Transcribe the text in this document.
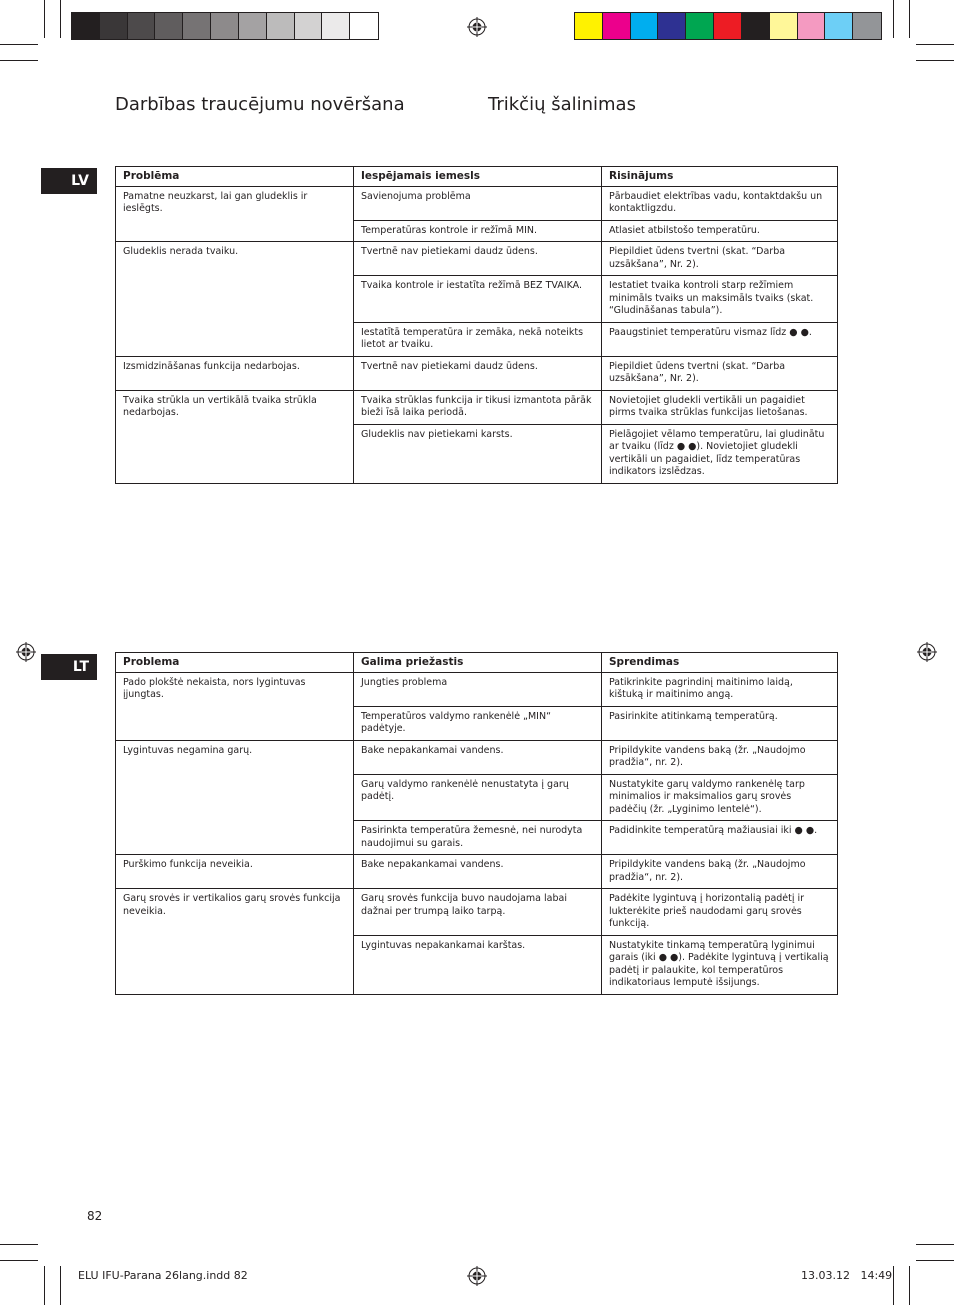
Darbības traucējumu novēršana	Trikčių šalinimas
LV	Problēma	Iespējamais iemesls	Risinājums
Pamatne neuzkarst, lai gan gludeklis ir ieslēgts.	Savienojuma problēma	Pārbaudiet elektrības vadu, kontaktdakšu un kontaktligzdu.
	Temperatūras kontrole ir režīmā MIN.	Atlasiet atbilstošo temperatūru.
Gludeklis nerada tvaiku.	Tvertnē nav pietiekami daudz ūdens.	Piepildiet ūdens tvertni (skat. “Darba uzsākšana”, Nr. 2).
	Tvaika kontrole ir iestatīta režīmā BEZ TVAIKA.	Iestatiet tvaika kontroli starp režīmiem minimāls tvaiks un maksimāls tvaiks (skat. “Gludināšanas tabula”).
	Iestatītā temperatūra ir zemāka, nekā noteikts lietot ar tvaiku.	Paaugstiniet temperatūru vismaz līdz ● ●.
Izsmidzināšanas funkcija nedarbojas.	Tvertnē nav pietiekami daudz ūdens.	Piepildiet ūdens tvertni (skat. “Darba uzsākšana”, Nr. 2).
Tvaika strūkla un vertikālā tvaika strūkla nedarbojas.	Tvaika strūklas funkcija ir tikusi izmantota pārāk bieži īsā laika periodā.	Novietojiet gludekli vertikāli un pagaidiet pirms tvaika strūklas funkcijas lietošanas.
	Gludeklis nav pietiekami karsts.	Pielāgojiet vēlamo temperatūru, lai gludinātu ar tvaiku (līdz ● ●). Novietojiet gludekli vertikāli un pagaidiet, līdz temperatūras indikators izslēdzas.
LT	Problema	Galima priežastis	Sprendimas
Pado plokštė nekaista, nors lygintuvas įjungtas.	Jungties problema	Patikrinkite pagrindinį maitinimo laidą, kištuką ir maitinimo angą.
	Temperatūros valdymo rankenėlė „MIN“ padėtyje.	Pasirinkite atitinkamą temperatūrą.
Lygintuvas negamina garų.	Bake nepakankamai vandens.	Pripildykite vandens baką (žr. „Naudojmo pradžia“, nr. 2).
	Garų valdymo rankenėlė nenustatyta į garų padėtį.	Nustatykite garų valdymo rankenėlę tarp minimalios ir maksimalios garų srovės padėčių (žr. „Lyginimo lentelė“).
	Pasirinkta temperatūra žemesnė, nei nurodyta naudojimui su garais.	Padidinkite temperatūrą mažiausiai iki ● ●.
Purškimo funkcija neveikia.	Bake nepakankamai vandens.	Pripildykite vandens baką (žr. „Naudojmo pradžia“, nr. 2).
Garų srovės ir vertikalios garų srovės funkcija neveikia.	Garų srovės funkcija buvo naudojama labai dažnai per trumpą laiko tarpą.	Padėkite lygintuvą į horizontalią padėtį ir lukterėkite prieš naudodami garų srovės funkciją.
	Lygintuvas nepakankamai karštas.	Nustatykite tinkamą temperatūrą lyginimui garais (iki ● ●). Padėkite lygintuvą į vertikalią padėtį ir palaukite, kol temperatūros indikatoriaus lemputė išsijungs.
82
ELU IFU-Parana 26lang.indd 82	13.03.12   14:49
